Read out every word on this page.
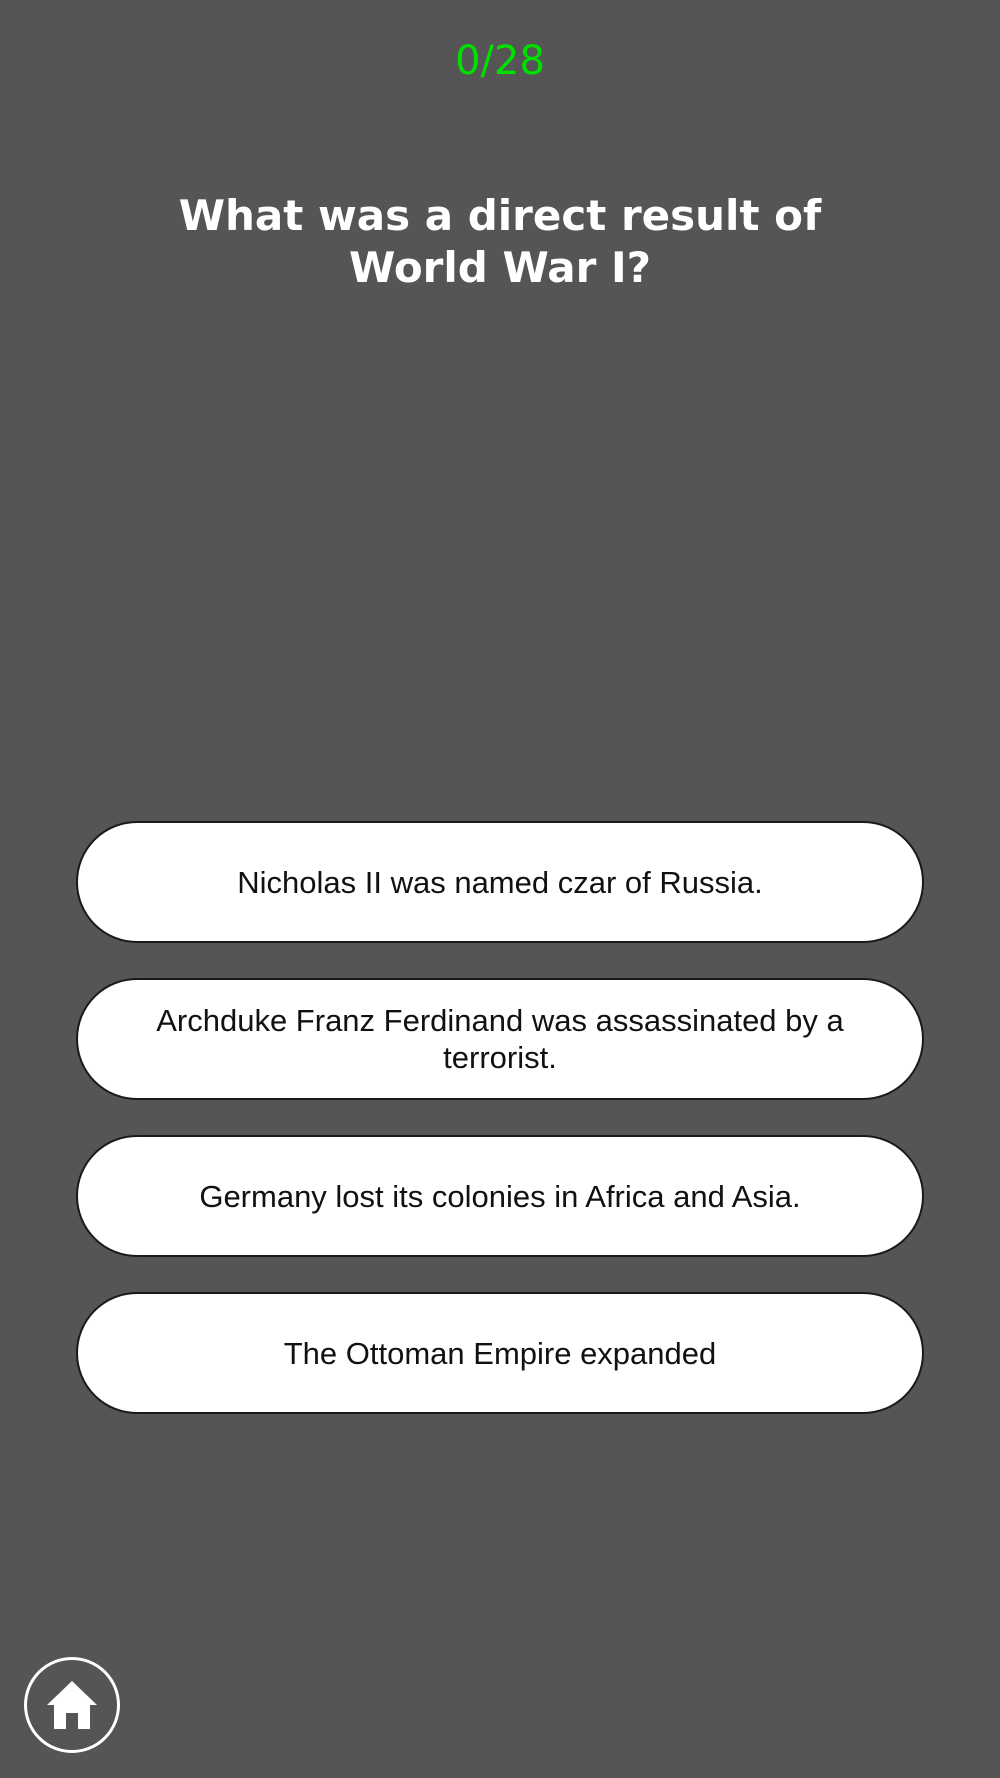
0/28
What was a direct result of World War I?
Nicholas II was named czar of Russia.
Archduke Franz Ferdinand was assassinated by a terrorist.
Germany lost its colonies in Africa and Asia.
The Ottoman Empire expanded
